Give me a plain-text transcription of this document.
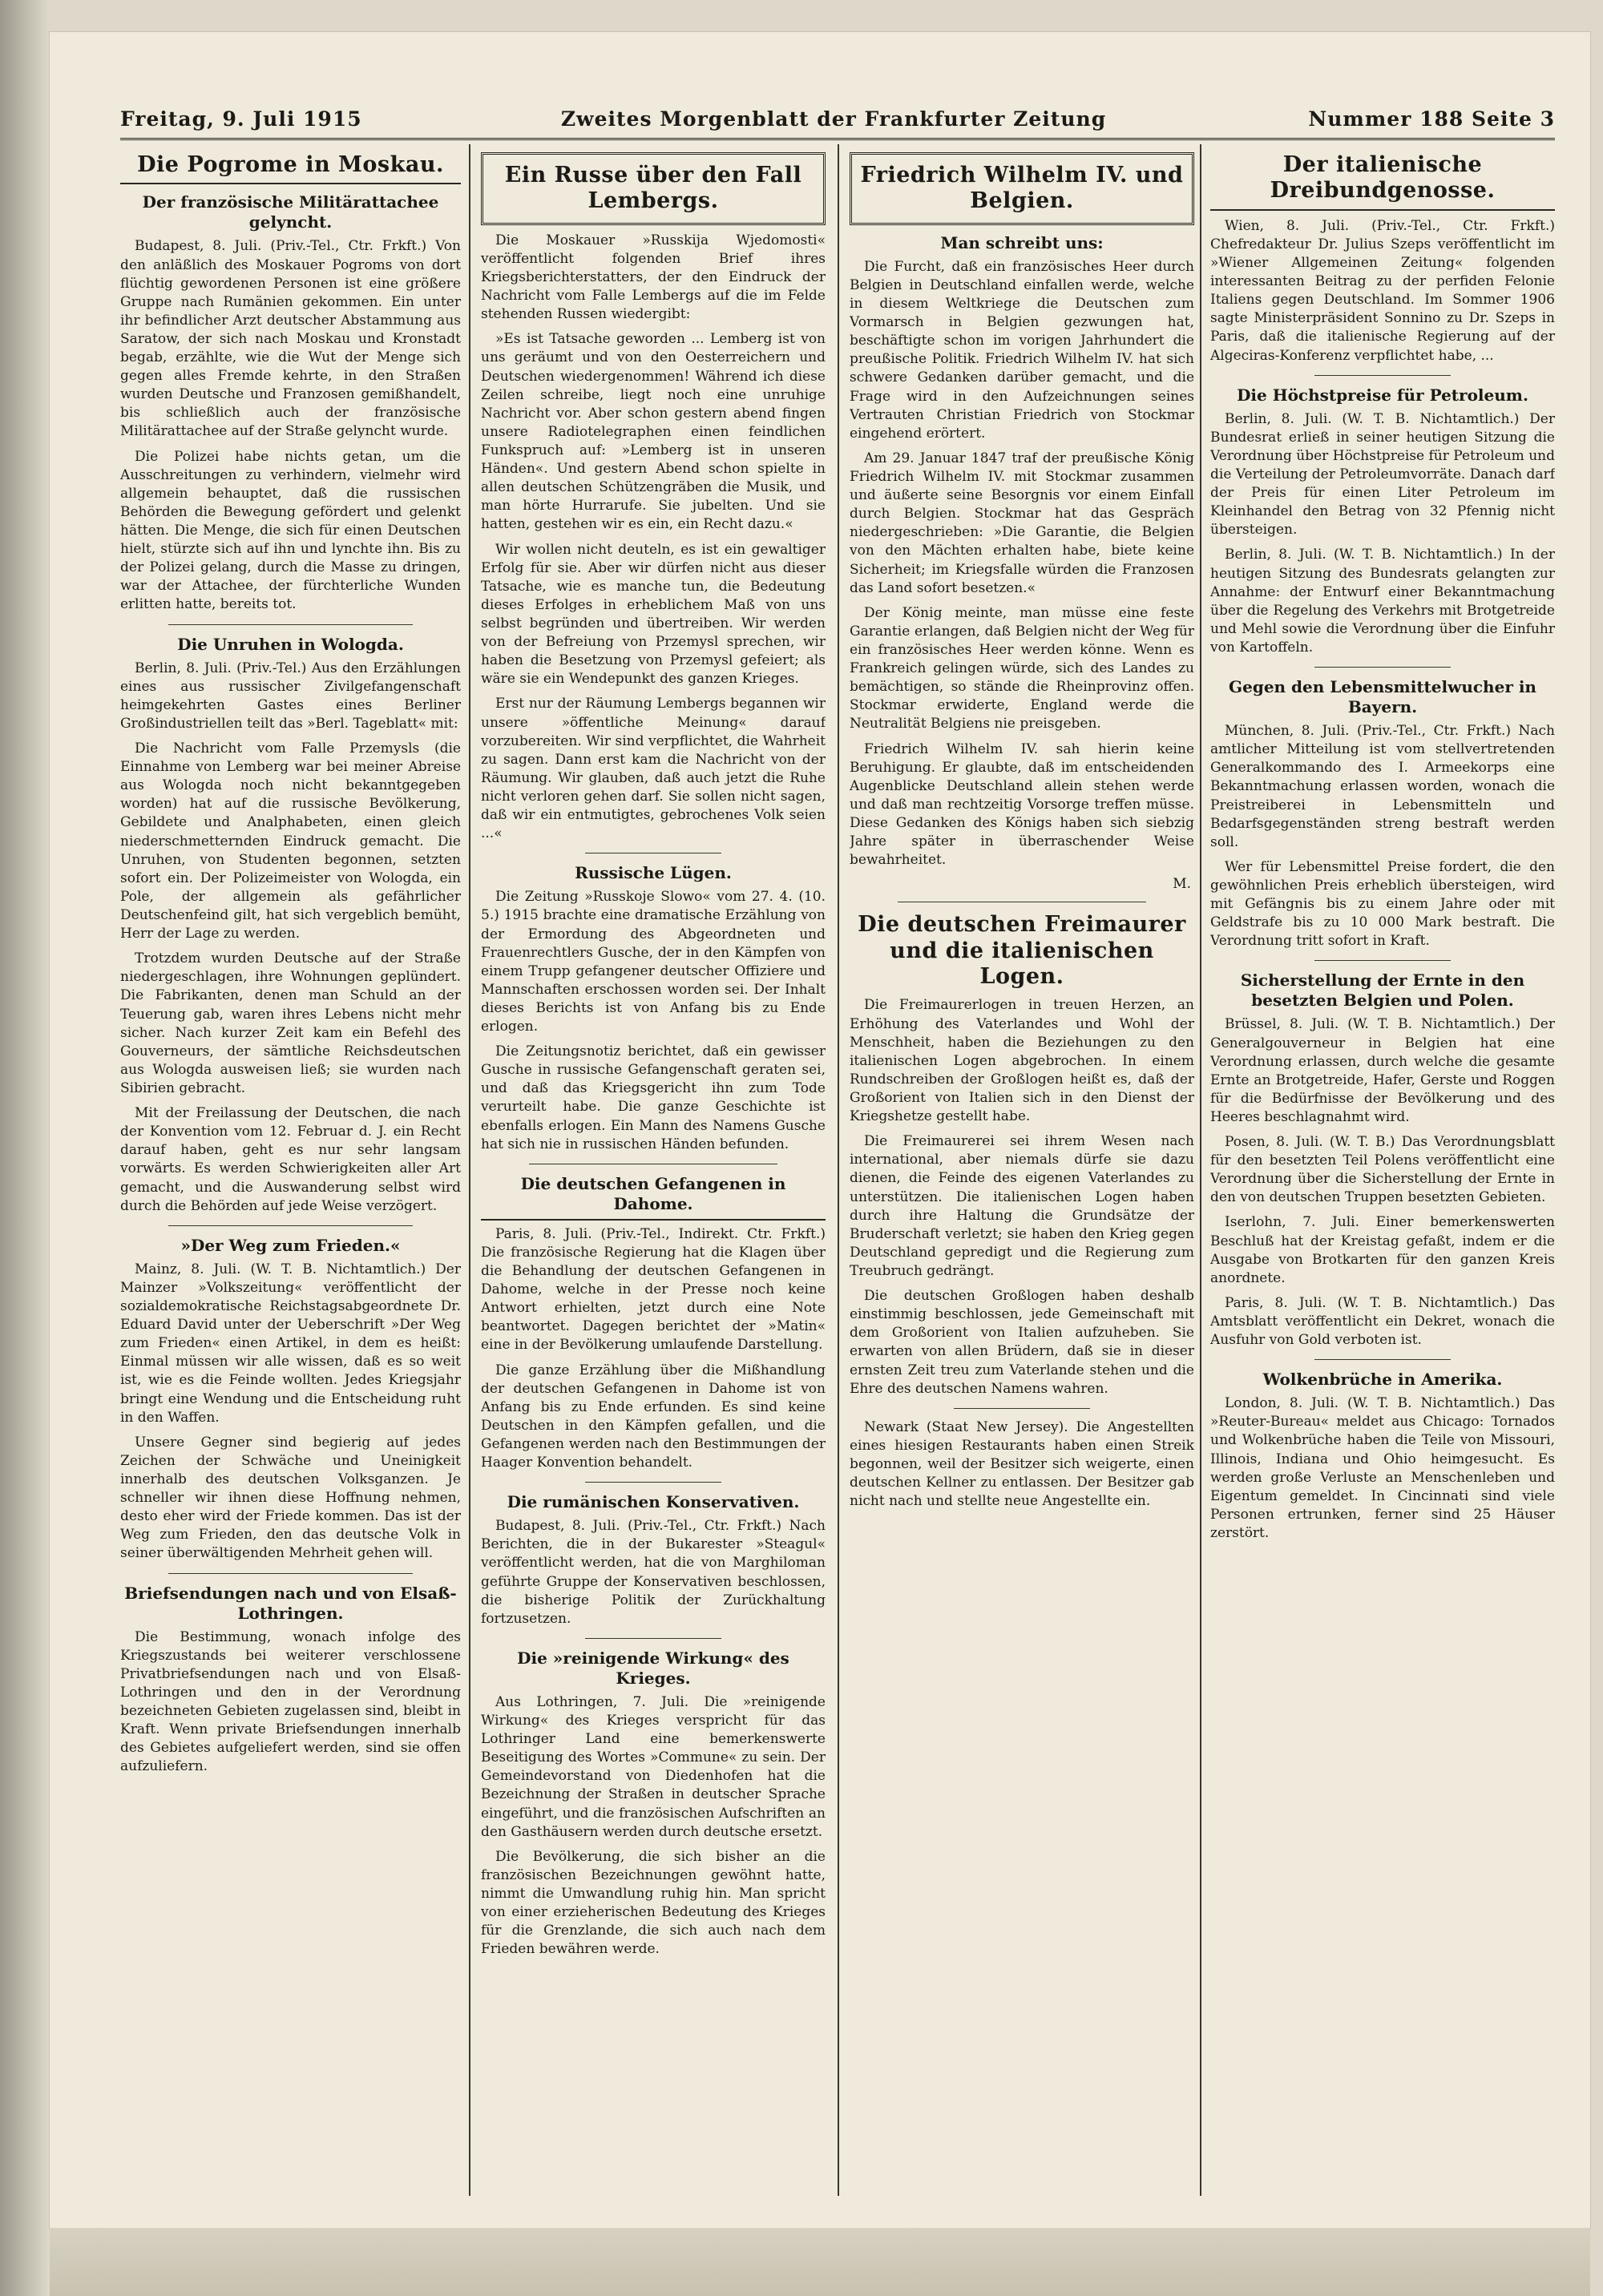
Freitag, 9. Juli 1915	Zweites Morgenblatt der Frankfurter Zeitung	Nummer 188 Seite 3
Die Pogrome in Moskau.
Der französische Militärattachee gelyncht.

Budapest, 8. Juli. (Priv.-Tel., Ctr. Frkft.) Von den anläßlich des Moskauer Pogroms von dort flüchtig gewordenen Personen ist eine größere Gruppe nach Rumänien gekommen. Ein unter ihr befindlicher Arzt deutscher Abstammung aus Saratow, der sich nach Moskau und Kronstadt begab, erzählte, wie die Wut der Menge sich gegen alles Fremde kehrte, in den Straßen wurden Deutsche und Franzosen gemißhandelt, bis schließlich auch der französische Militärattachee auf der Straße gelyncht wurde.

Die Polizei habe nichts getan, um die Ausschreitungen zu verhindern, vielmehr wird allgemein behauptet, daß die russischen Behörden die Bewegung gefördert und gelenkt hätten. Die Menge, die sich für einen Deutschen hielt, stürzte sich auf ihn und lynchte ihn. Bis zu der Polizei gelang, durch die Masse zu dringen, war der Attachee, der fürchterliche Wunden erlitten hatte, bereits tot.

Die Unruhen in Wologda.

Berlin, 8. Juli. (Priv.-Tel.) Aus den Erzählungen eines aus russischer Zivilgefangenschaft heimgekehrten Gastes eines Berliner Großindustriellen teilt das »Berl. Tageblatt« mit:

Die Nachricht vom Falle Przemysls (die Einnahme von Lemberg war bei meiner Abreise aus Wologda noch nicht bekanntgegeben worden) hat auf die russische Bevölkerung, Gebildete und Analphabeten, einen gleich niederschmetternden Eindruck gemacht. Die Unruhen, von Studenten begonnen, setzten sofort ein. Der Polizeimeister von Wologda, ein Pole, der allgemein als gefährlicher Deutschenfeind gilt, hat sich vergeblich bemüht, Herr der Lage zu werden.

Trotzdem wurden Deutsche auf der Straße niedergeschlagen, ihre Wohnungen geplündert. Die Fabrikanten, denen man Schuld an der Teuerung gab, waren ihres Lebens nicht mehr sicher. Nach kurzer Zeit kam ein Befehl des Gouverneurs, der sämtliche Reichsdeutschen aus Wologda ausweisen ließ; sie wurden nach Sibirien gebracht.

Mit der Freilassung der Deutschen, die nach der Konvention vom 12. Februar d. J. ein Recht darauf haben, geht es nur sehr langsam vorwärts. Es werden Schwierigkeiten aller Art gemacht, und die Auswanderung selbst wird durch die Behörden auf jede Weise verzögert.

»Der Weg zum Frieden.«

Mainz, 8. Juli. (W. T. B. Nichtamtlich.) Der Mainzer »Volkszeitung« veröffentlicht der sozialdemokratische Reichstagsabgeordnete Dr. Eduard David unter der Ueberschrift »Der Weg zum Frieden« einen Artikel, in dem es heißt: Einmal müssen wir alle wissen, daß es so weit ist, wie es die Feinde wollten. Jedes Kriegsjahr bringt eine Wendung und die Entscheidung ruht in den Waffen.

Unsere Gegner sind begierig auf jedes Zeichen der Schwäche und Uneinigkeit innerhalb des deutschen Volksganzen. Je schneller wir ihnen diese Hoffnung nehmen, desto eher wird der Friede kommen. Das ist der Weg zum Frieden, den das deutsche Volk in seiner überwältigenden Mehrheit gehen will.

Briefsendungen nach und von Elsaß-Lothringen.

Die Bestimmung, wonach infolge des Kriegszustands bei weiterer verschlossene Privatbriefsendungen nach und von Elsaß-Lothringen und den in der Verordnung bezeichneten Gebieten zugelassen sind, bleibt in Kraft. Wenn private Briefsendungen innerhalb des Gebietes aufgeliefert werden, sind sie offen aufzuliefern.

Ein Russe über den Fall Lembergs.

Die Moskauer »Russkija Wjedomosti« veröffentlicht folgenden Brief ihres Kriegsberichterstatters, der den Eindruck der Nachricht vom Falle Lembergs auf die im Felde stehenden Russen wiedergibt:

»Es ist Tatsache geworden ... Lemberg ist von uns geräumt und von den Oesterreichern und Deutschen wiedergenommen! Während ich diese Zeilen schreibe, liegt noch eine unruhige Nachricht vor. Aber schon gestern abend fingen unsere Radiotelegraphen einen feindlichen Funkspruch auf: »Lemberg ist in unseren Händen«. Und gestern Abend schon spielte in allen deutschen Schützengräben die Musik, und man hörte Hurrarufe. Sie jubelten. Und sie hatten, gestehen wir es ein, ein Recht dazu.«

Wir wollen nicht deuteln, es ist ein gewaltiger Erfolg für sie. Aber wir dürfen nicht aus dieser Tatsache, wie es manche tun, die Bedeutung dieses Erfolges in erheblichem Maß von uns selbst begründen und übertreiben. Wir werden von der Befreiung von Przemysl sprechen, wir haben die Besetzung von Przemysl gefeiert; als wäre sie ein Wendepunkt des ganzen Krieges.

Erst nur der Räumung Lembergs begannen wir unsere »öffentliche Meinung« darauf vorzubereiten. Wir sind verpflichtet, die Wahrheit zu sagen. Dann erst kam die Nachricht von der Räumung. Wir glauben, daß auch jetzt die Ruhe nicht verloren gehen darf. Sie sollen nicht sagen, daß wir ein entmutigtes, gebrochenes Volk seien ...«

Russische Lügen.

Die Zeitung »Russkoje Slowo« vom 27. 4. (10. 5.) 1915 brachte eine dramatische Erzählung von der Ermordung des Abgeordneten und Frauenrechtlers Gusche, der in den Kämpfen von einem Trupp gefangener deutscher Offiziere und Mannschaften erschossen worden sei. Der Inhalt dieses Berichts ist von Anfang bis zu Ende erlogen.

Die Zeitungsnotiz berichtet, daß ein gewisser Gusche in russische Gefangenschaft geraten sei, und daß das Kriegsgericht ihn zum Tode verurteilt habe. Die ganze Geschichte ist ebenfalls erlogen. Ein Mann des Namens Gusche hat sich nie in russischen Händen befunden.

Die deutschen Gefangenen in Dahome.

Paris, 8. Juli. (Priv.-Tel., Indirekt. Ctr. Frkft.) Die französische Regierung hat die Klagen über die Behandlung der deutschen Gefangenen in Dahome, welche in der Presse noch keine Antwort erhielten, jetzt durch eine Note beantwortet. Dagegen berichtet der »Matin« eine in der Bevölkerung umlaufende Darstellung.

Die ganze Erzählung über die Mißhandlung der deutschen Gefangenen in Dahome ist von Anfang bis zu Ende erfunden. Es sind keine Deutschen in den Kämpfen gefallen, und die Gefangenen werden nach den Bestimmungen der Haager Konvention behandelt.

Die rumänischen Konservativen.

Budapest, 8. Juli. (Priv.-Tel., Ctr. Frkft.) Nach Berichten, die in der Bukarester »Steagul« veröffentlicht werden, hat die von Marghiloman geführte Gruppe der Konservativen beschlossen, die bisherige Politik der Zurückhaltung fortzusetzen.

Die »reinigende Wirkung« des Krieges.

Aus Lothringen, 7. Juli. Die »reinigende Wirkung« des Krieges verspricht für das Lothringer Land eine bemerkenswerte Beseitigung des Wortes »Commune« zu sein. Der Gemeindevorstand von Diedenhofen hat die Bezeichnung der Straßen in deutscher Sprache eingeführt, und die französischen Aufschriften an den Gasthäusern werden durch deutsche ersetzt.

Die Bevölkerung, die sich bisher an die französischen Bezeichnungen gewöhnt hatte, nimmt die Umwandlung ruhig hin. Man spricht von einer erzieherischen Bedeutung des Krieges für die Grenzlande, die sich auch nach dem Frieden bewähren werde.

Friedrich Wilhelm IV. und Belgien.
Man schreibt uns:

Die Furcht, daß ein französisches Heer durch Belgien in Deutschland einfallen werde, welche in diesem Weltkriege die Deutschen zum Vormarsch in Belgien gezwungen hat, beschäftigte schon im vorigen Jahrhundert die preußische Politik. Friedrich Wilhelm IV. hat sich schwere Gedanken darüber gemacht, und die Frage wird in den Aufzeichnungen seines Vertrauten Christian Friedrich von Stockmar eingehend erörtert.

Am 29. Januar 1847 traf der preußische König Friedrich Wilhelm IV. mit Stockmar zusammen und äußerte seine Besorgnis vor einem Einfall durch Belgien. Stockmar hat das Gespräch niedergeschrieben: »Die Garantie, die Belgien von den Mächten erhalten habe, biete keine Sicherheit; im Kriegsfalle würden die Franzosen das Land sofort besetzen.«

Der König meinte, man müsse eine feste Garantie erlangen, daß Belgien nicht der Weg für ein französisches Heer werden könne. Wenn es Frankreich gelingen würde, sich des Landes zu bemächtigen, so stände die Rheinprovinz offen. Stockmar erwiderte, England werde die Neutralität Belgiens nie preisgeben.

Friedrich Wilhelm IV. sah hierin keine Beruhigung. Er glaubte, daß im entscheidenden Augenblicke Deutschland allein stehen werde und daß man rechtzeitig Vorsorge treffen müsse. Diese Gedanken des Königs haben sich siebzig Jahre später in überraschender Weise bewahrheitet.

M.
Die deutschen Freimaurer und die italienischen Logen.

Die Freimaurerlogen in treuen Herzen, an Erhöhung des Vaterlandes und Wohl der Menschheit, haben die Beziehungen zu den italienischen Logen abgebrochen. In einem Rundschreiben der Großlogen heißt es, daß der Großorient von Italien sich in den Dienst der Kriegshetze gestellt habe.

Die Freimaurerei sei ihrem Wesen nach international, aber niemals dürfe sie dazu dienen, die Feinde des eigenen Vaterlandes zu unterstützen. Die italienischen Logen haben durch ihre Haltung die Grundsätze der Bruderschaft verletzt; sie haben den Krieg gegen Deutschland gepredigt und die Regierung zum Treubruch gedrängt.

Die deutschen Großlogen haben deshalb einstimmig beschlossen, jede Gemeinschaft mit dem Großorient von Italien aufzuheben. Sie erwarten von allen Brüdern, daß sie in dieser ernsten Zeit treu zum Vaterlande stehen und die Ehre des deutschen Namens wahren.

Newark (Staat New Jersey). Die Angestellten eines hiesigen Restaurants haben einen Streik begonnen, weil der Besitzer sich weigerte, einen deutschen Kellner zu entlassen. Der Besitzer gab nicht nach und stellte neue Angestellte ein.

Der italienische Dreibundgenosse.

Wien, 8. Juli. (Priv.-Tel., Ctr. Frkft.) Chefredakteur Dr. Julius Szeps veröffentlicht im »Wiener Allgemeinen Zeitung« folgenden interessanten Beitrag zu der perfiden Felonie Italiens gegen Deutschland. Im Sommer 1906 sagte Ministerpräsident Sonnino zu Dr. Szeps in Paris, daß die italienische Regierung auf der Algeciras-Konferenz verpflichtet habe, ...

Die Höchstpreise für Petroleum.

Berlin, 8. Juli. (W. T. B. Nichtamtlich.) Der Bundesrat erließ in seiner heutigen Sitzung die Verordnung über Höchstpreise für Petroleum und die Verteilung der Petroleumvorräte. Danach darf der Preis für einen Liter Petroleum im Kleinhandel den Betrag von 32 Pfennig nicht übersteigen.

Berlin, 8. Juli. (W. T. B. Nichtamtlich.) In der heutigen Sitzung des Bundesrats gelangten zur Annahme: der Entwurf einer Bekanntmachung über die Regelung des Verkehrs mit Brotgetreide und Mehl sowie die Verordnung über die Einfuhr von Kartoffeln.

Gegen den Lebensmittelwucher in Bayern.

München, 8. Juli. (Priv.-Tel., Ctr. Frkft.) Nach amtlicher Mitteilung ist vom stellvertretenden Generalkommando des I. Armeekorps eine Bekanntmachung erlassen worden, wonach die Preistreiberei in Lebensmitteln und Bedarfsgegenständen streng bestraft werden soll.

Wer für Lebensmittel Preise fordert, die den gewöhnlichen Preis erheblich übersteigen, wird mit Gefängnis bis zu einem Jahre oder mit Geldstrafe bis zu 10 000 Mark bestraft. Die Verordnung tritt sofort in Kraft.

Sicherstellung der Ernte in den besetzten Belgien und Polen.

Brüssel, 8. Juli. (W. T. B. Nichtamtlich.) Der Generalgouverneur in Belgien hat eine Verordnung erlassen, durch welche die gesamte Ernte an Brotgetreide, Hafer, Gerste und Roggen für die Bedürfnisse der Bevölkerung und des Heeres beschlagnahmt wird.

Posen, 8. Juli. (W. T. B.) Das Verordnungsblatt für den besetzten Teil Polens veröffentlicht eine Verordnung über die Sicherstellung der Ernte in den von deutschen Truppen besetzten Gebieten.

Iserlohn, 7. Juli. Einer bemerkenswerten Beschluß hat der Kreistag gefaßt, indem er die Ausgabe von Brotkarten für den ganzen Kreis anordnete.

Paris, 8. Juli. (W. T. B. Nichtamtlich.) Das Amtsblatt veröffentlicht ein Dekret, wonach die Ausfuhr von Gold verboten ist.

Wolkenbrüche in Amerika.

London, 8. Juli. (W. T. B. Nichtamtlich.) Das »Reuter-Bureau« meldet aus Chicago: Tornados und Wolkenbrüche haben die Teile von Missouri, Illinois, Indiana und Ohio heimgesucht. Es werden große Verluste an Menschenleben und Eigentum gemeldet. In Cincinnati sind viele Personen ertrunken, ferner sind 25 Häuser zerstört.
